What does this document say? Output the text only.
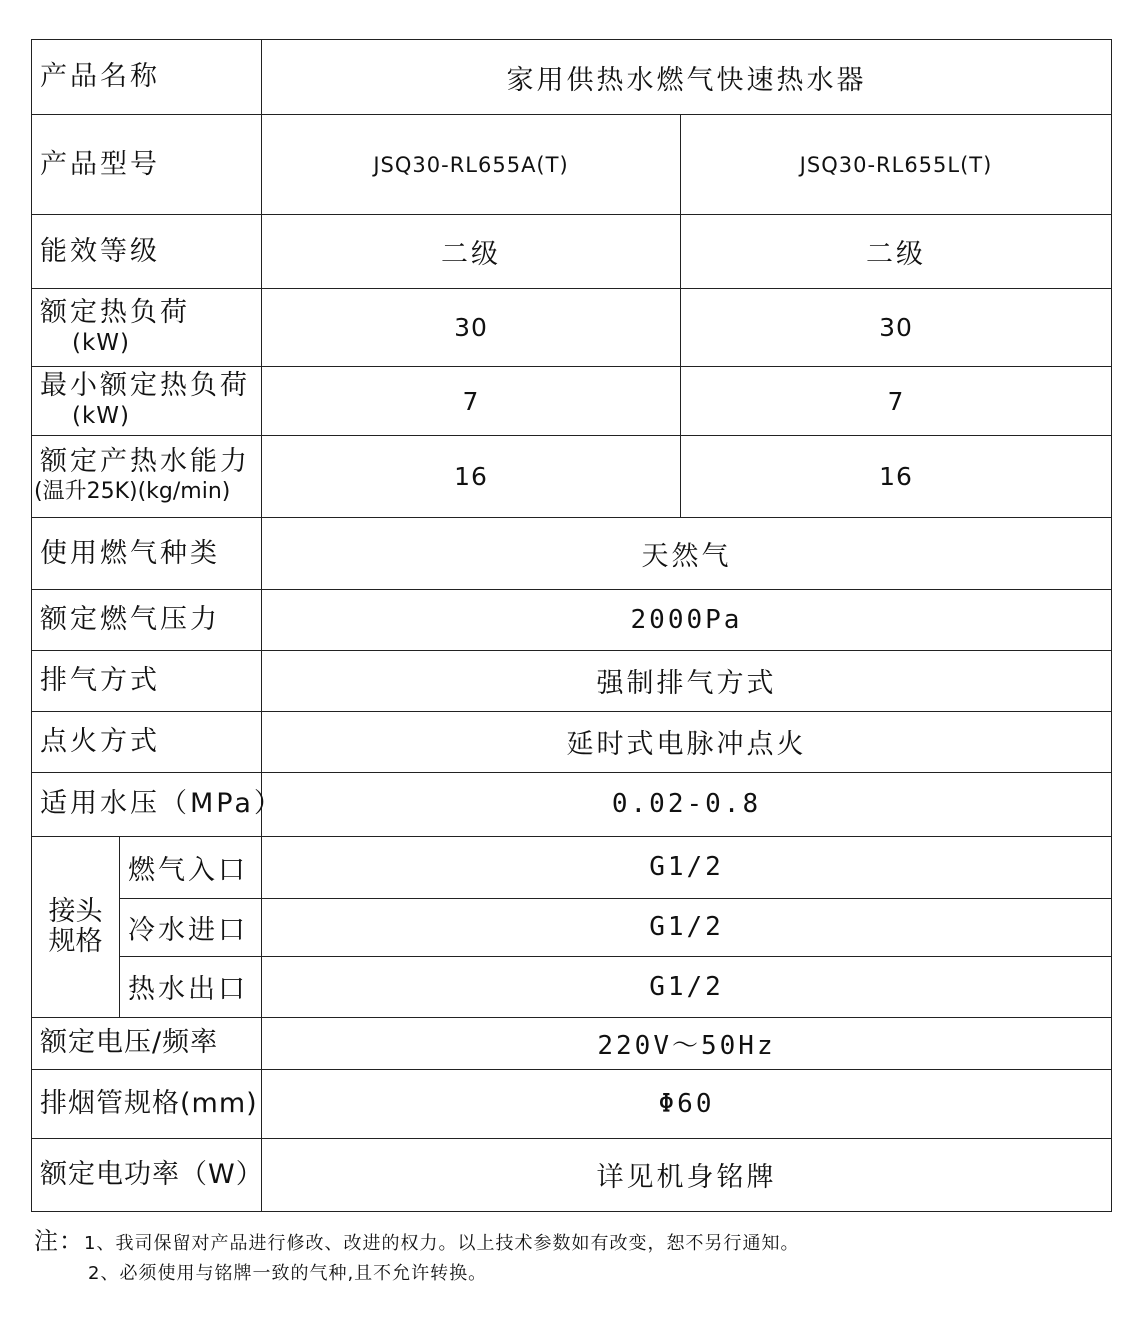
产品名称		家用供热水燃气快速热水器	
产品型号		JSQ30-RL655A(T)	JSQ30-RL655L(T)
能效等级		二级	二级
额定热负荷
(kW)		30	30
最小额定热负荷
(kW)		7	7
额定产热水能力
(温升25K)(kg/min)		16	16
使用燃气种类		天然气	
额定燃气压力		2000Pa	
排气方式		强制排气方式	
点火方式		延时式电脉冲点火	
适用水压（MPa）		0.02-0.8	

接头
规格	燃气入口	G1/2	
	冷水进口	G1/2	
	热水出口	G1/2	
额定电压/频率		220V～50Hz	
排烟管规格(mm)		Φ60	
额定电功率（W）		详见机身铭牌	
注：1、我司保留对产品进行修改、改进的权力。以上技术参数如有改变，恕不另行通知。
2、必须使用与铭牌一致的气种,且不允许转换。
